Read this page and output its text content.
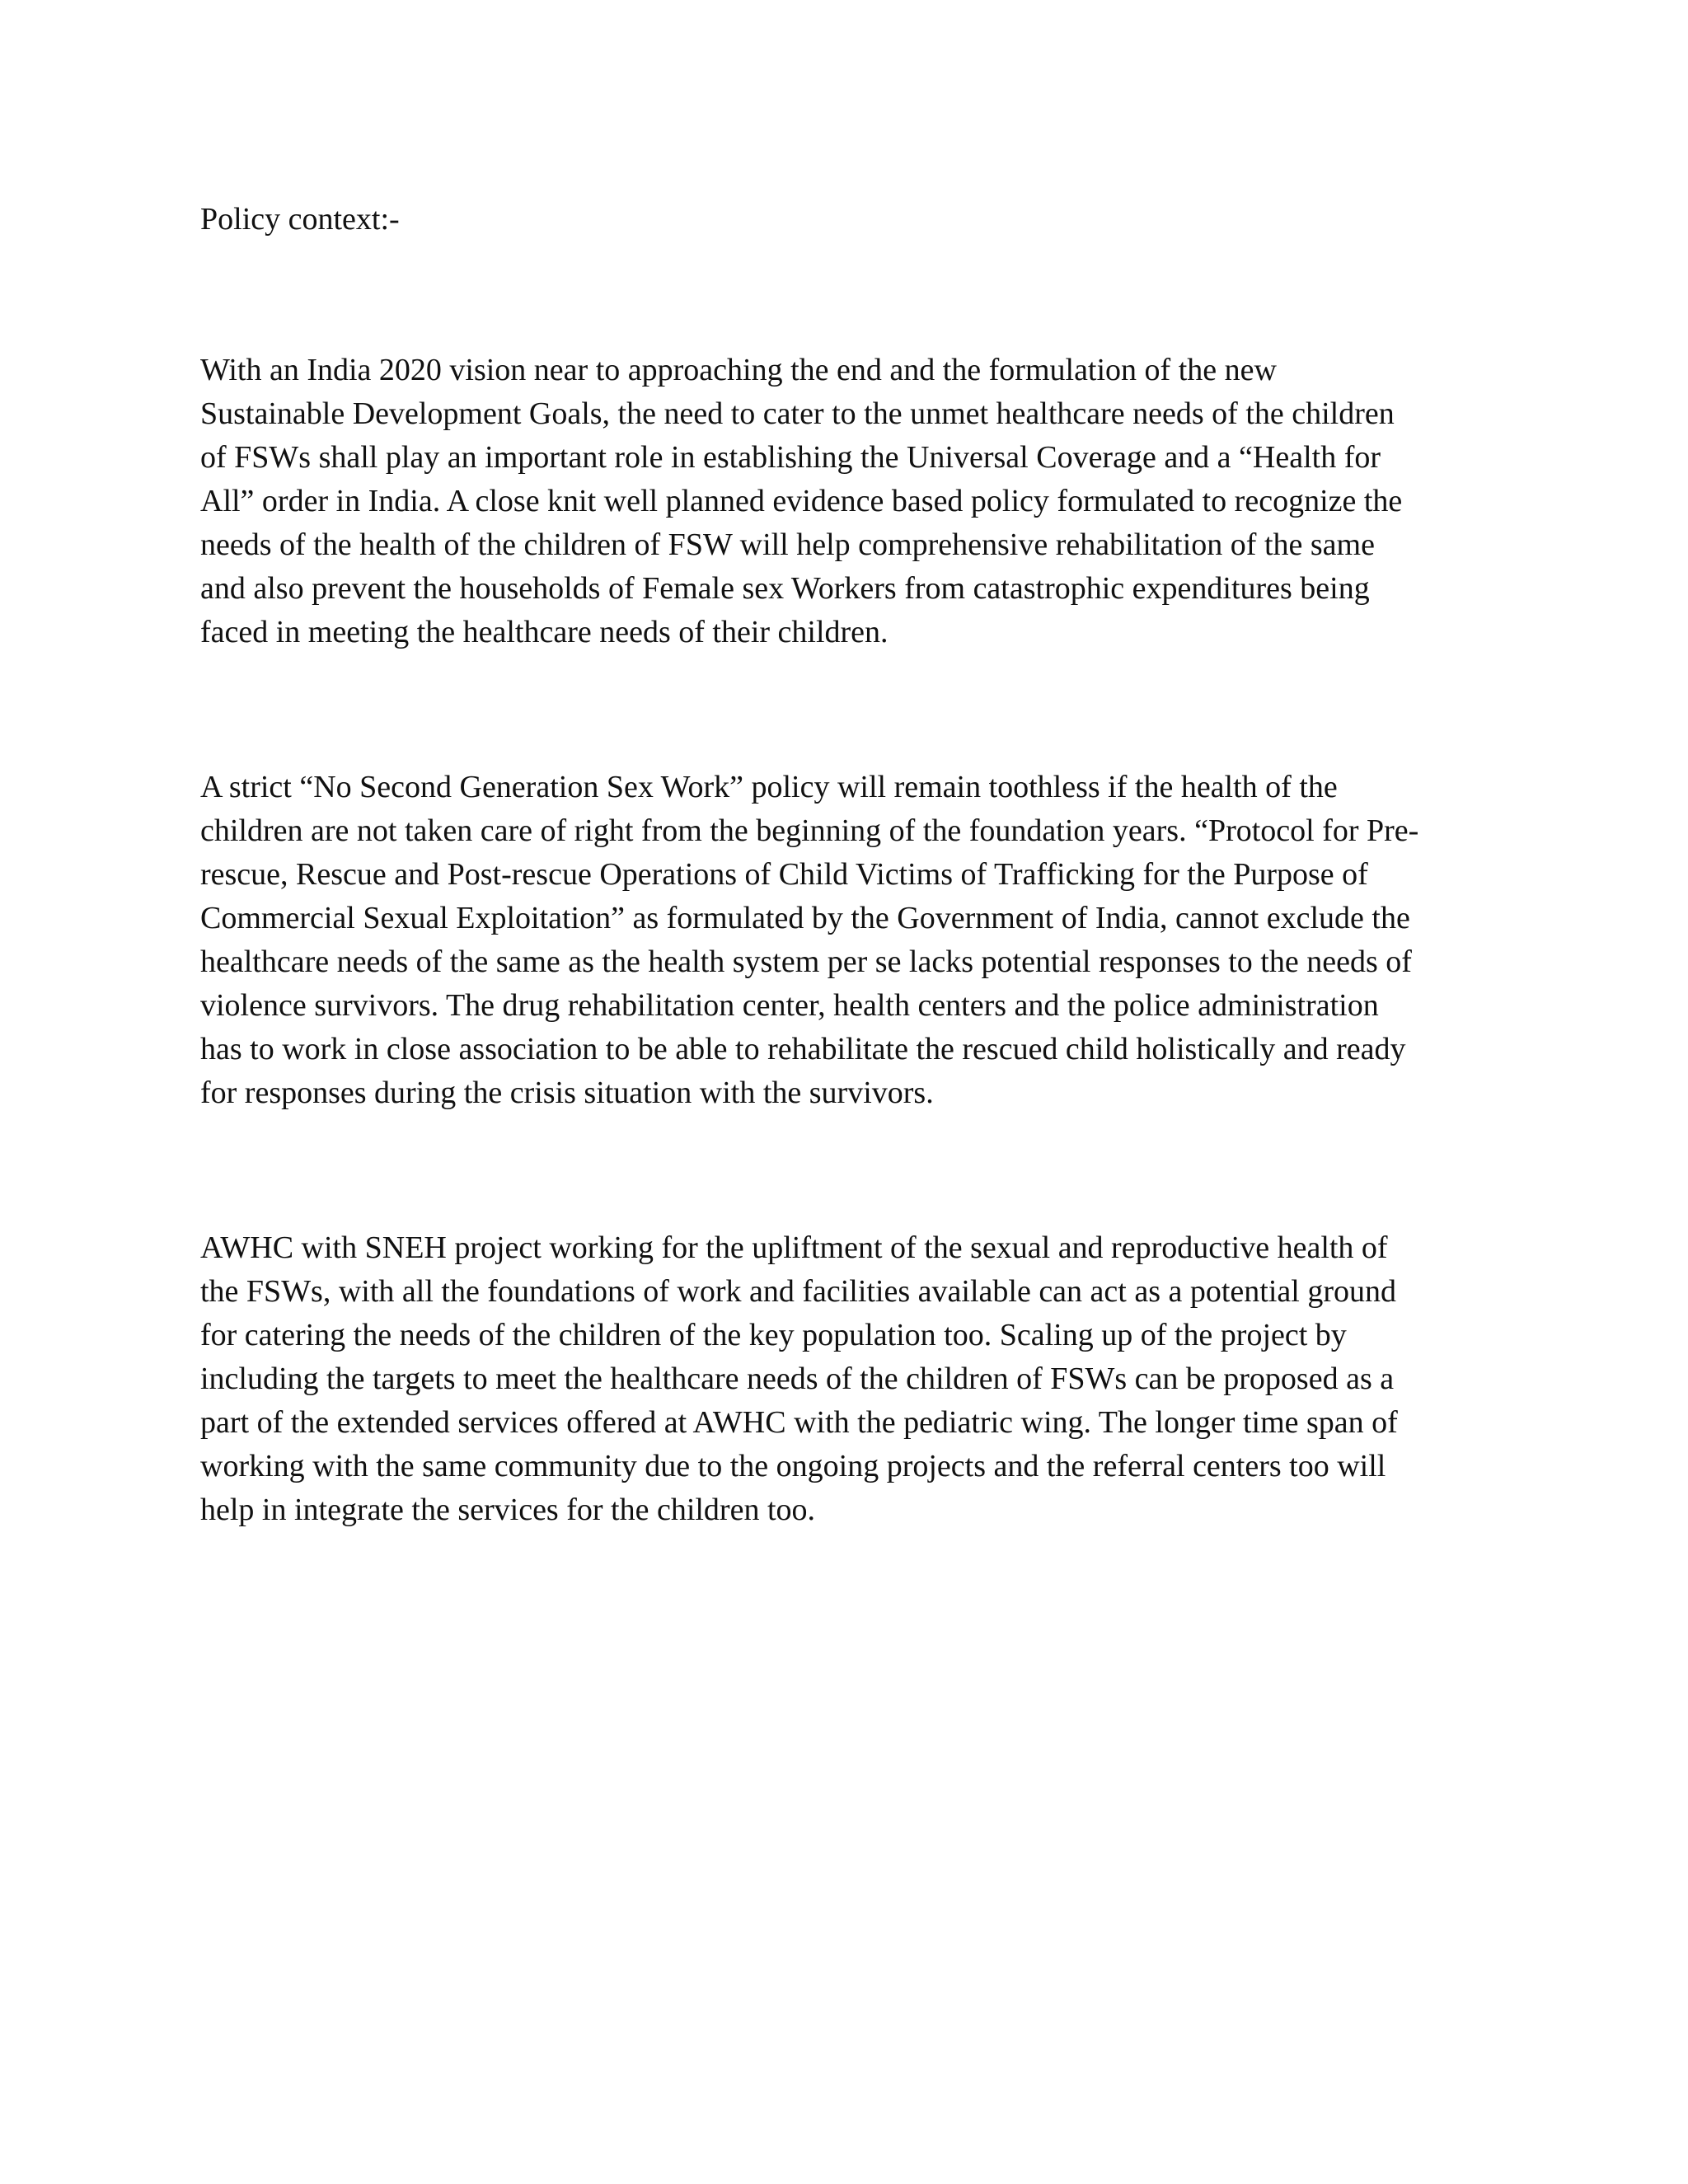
Policy context:-

With an India 2020 vision near to approaching the end and the formulation of the new
Sustainable Development Goals, the need to cater to the unmet healthcare needs of the children
of FSWs shall play an important role in establishing the Universal Coverage and a “Health for
All” order in India. A close knit well planned evidence based policy formulated to recognize the
needs of the health of the children of FSW will help comprehensive rehabilitation of the same
and also prevent the households of Female sex Workers from catastrophic expenditures being
faced in meeting the healthcare needs of their children.

A strict “No Second Generation Sex Work” policy will remain toothless if the health of the
children are not taken care of right from the beginning of the foundation years. “Protocol for Pre-
rescue, Rescue and Post-rescue Operations of Child Victims of Trafficking for the Purpose of
Commercial Sexual Exploitation” as formulated by the Government of India, cannot exclude the
healthcare needs of the same as the health system per se lacks potential responses to the needs of
violence survivors. The drug rehabilitation center, health centers and the police administration
has to work in close association to be able to rehabilitate the rescued child holistically and ready
for responses during the crisis situation with the survivors.

AWHC with SNEH project working for the upliftment of the sexual and reproductive health of
the FSWs, with all the foundations of work and facilities available can act as a potential ground
for catering the needs of the children of the key population too. Scaling up of the project by
including the targets to meet the healthcare needs of the children of FSWs can be proposed as a
part of the extended services offered at AWHC with the pediatric wing. The longer time span of
working with the same community due to the ongoing projects and the referral centers too will
help in integrate the services for the children too.
